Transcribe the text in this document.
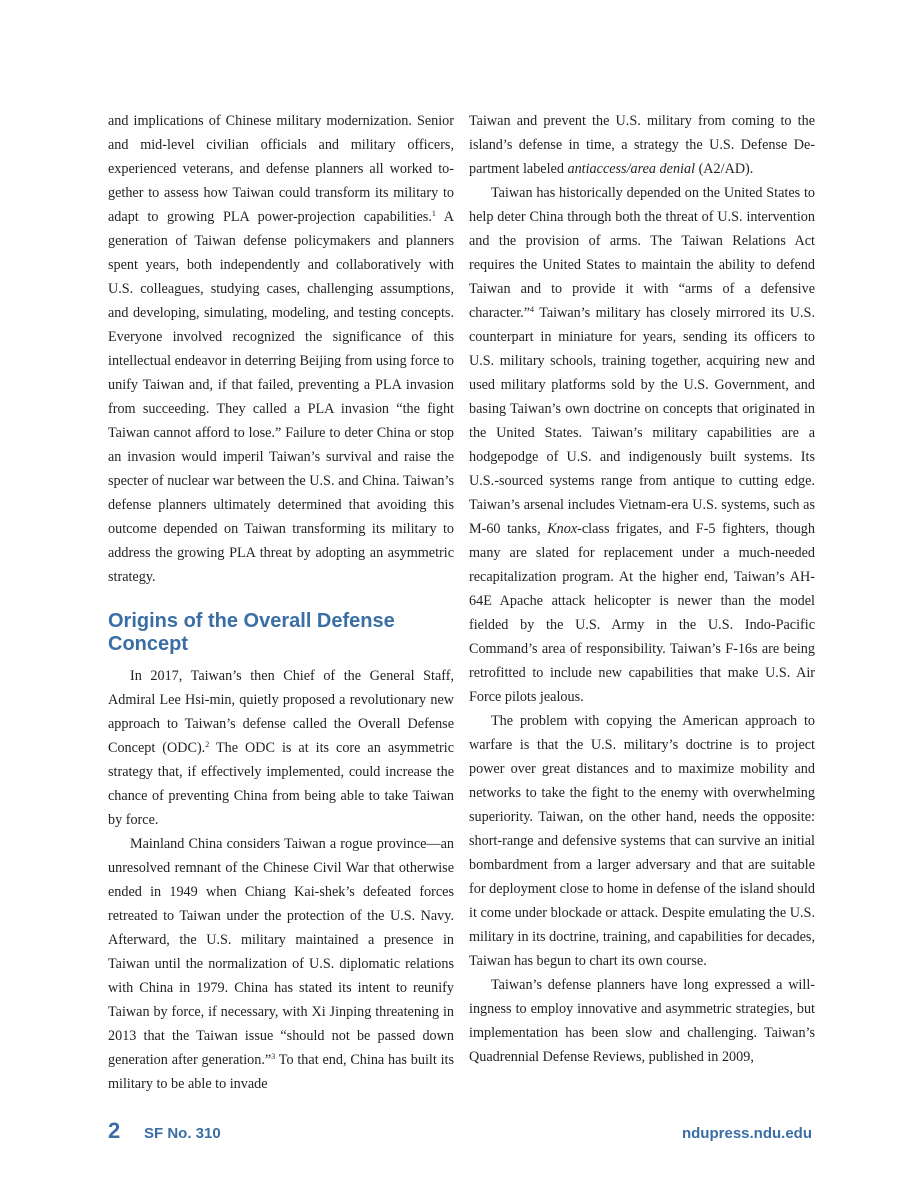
and implications of Chinese military modernization. Senior and mid-level civilian officials and military officers, experienced veterans, and defense planners all worked together to assess how Taiwan could transform its military to adapt to growing PLA power-projection capabilities.$^1$ A generation of Taiwan defense policymakers and planners spent years, both independently and collaboratively with U.S. colleagues, studying cases, challenging assumptions, and developing, simulating, modeling, and testing concepts. Everyone involved recognized the significance of this intellectual endeavor in deterring Beijing from using force to unify Taiwan and, if that failed, preventing a PLA invasion from succeeding. They called a PLA invasion “the fight Taiwan cannot afford to lose.” Failure to deter China or stop an invasion would imperil Taiwan’s survival and raise the specter of nuclear war between the U.S. and China. Taiwan’s defense planners ultimately determined that avoiding this outcome depended on Taiwan transforming its military to address the growing PLA threat by adopting an asymmetric strategy.

Origins of the Overall Defense Concept

In 2017, Taiwan’s then Chief of the General Staff, Admiral Lee Hsi-min, quietly proposed a revolutionary new approach to Taiwan’s defense called the Overall Defense Concept (ODC).$^2$ The ODC is at its core an asymmetric strategy that, if effectively implemented, could increase the chance of preventing China from being able to take Taiwan by force.

Mainland China considers Taiwan a rogue province—an unresolved remnant of the Chinese Civil War that otherwise ended in 1949 when Chiang Kai-shek’s defeated forces retreated to Taiwan under the protection of the U.S. Navy. Afterward, the U.S. military maintained a presence in Taiwan until the normalization of U.S. diplomatic relations with China in 1979. China has stated its intent to reunify Taiwan by force, if necessary, with Xi Jinping threatening in 2013 that the Taiwan issue “should not be passed down generation after generation.”$^3$ To that end, China has built its military to be able to invade

Taiwan and prevent the U.S. military from coming to the island’s defense in time, a strategy the U.S. Defense Department labeled antiaccess/area denial (A2/AD).

Taiwan has historically depended on the United States to help deter China through both the threat of U.S. intervention and the provision of arms. The Taiwan Relations Act requires the United States to maintain the ability to defend Taiwan and to provide it with “arms of a defensive character.”$^4$ Taiwan’s military has closely mirrored its U.S. counterpart in miniature for years, sending its officers to U.S. military schools, training together, acquiring new and used military platforms sold by the U.S. Government, and basing Taiwan’s own doctrine on concepts that originated in the United States. Taiwan’s military capabilities are a hodgepodge of U.S. and indigenously built systems. Its U.S.-sourced systems range from antique to cutting edge. Taiwan’s arsenal includes Vietnam-era U.S. systems, such as M-60 tanks, Knox-class frigates, and F-5 fighters, though many are slated for replacement under a much-needed recapitalization program. At the higher end, Taiwan’s AH-64E Apache attack helicopter is newer than the model fielded by the U.S. Army in the U.S. Indo-Pacific Command’s area of responsibility. Taiwan’s F-16s are being retrofitted to include new capabilities that make U.S. Air Force pilots jealous.

The problem with copying the American approach to warfare is that the U.S. military’s doctrine is to project power over great distances and to maximize mobility and networks to take the fight to the enemy with overwhelming superiority. Taiwan, on the other hand, needs the opposite: short-range and defensive systems that can survive an initial bombardment from a larger adversary and that are suitable for deployment close to home in defense of the island should it come under blockade or attack. Despite emulating the U.S. military in its doctrine, training, and capabilities for decades, Taiwan has begun to chart its own course.

Taiwan’s defense planners have long expressed a willingness to employ innovative and asymmetric strategies, but implementation has been slow and challenging. Taiwan’s Quadrennial Defense Reviews, published in 2009,

2 SF No. 310	ndupress.ndu.edu
